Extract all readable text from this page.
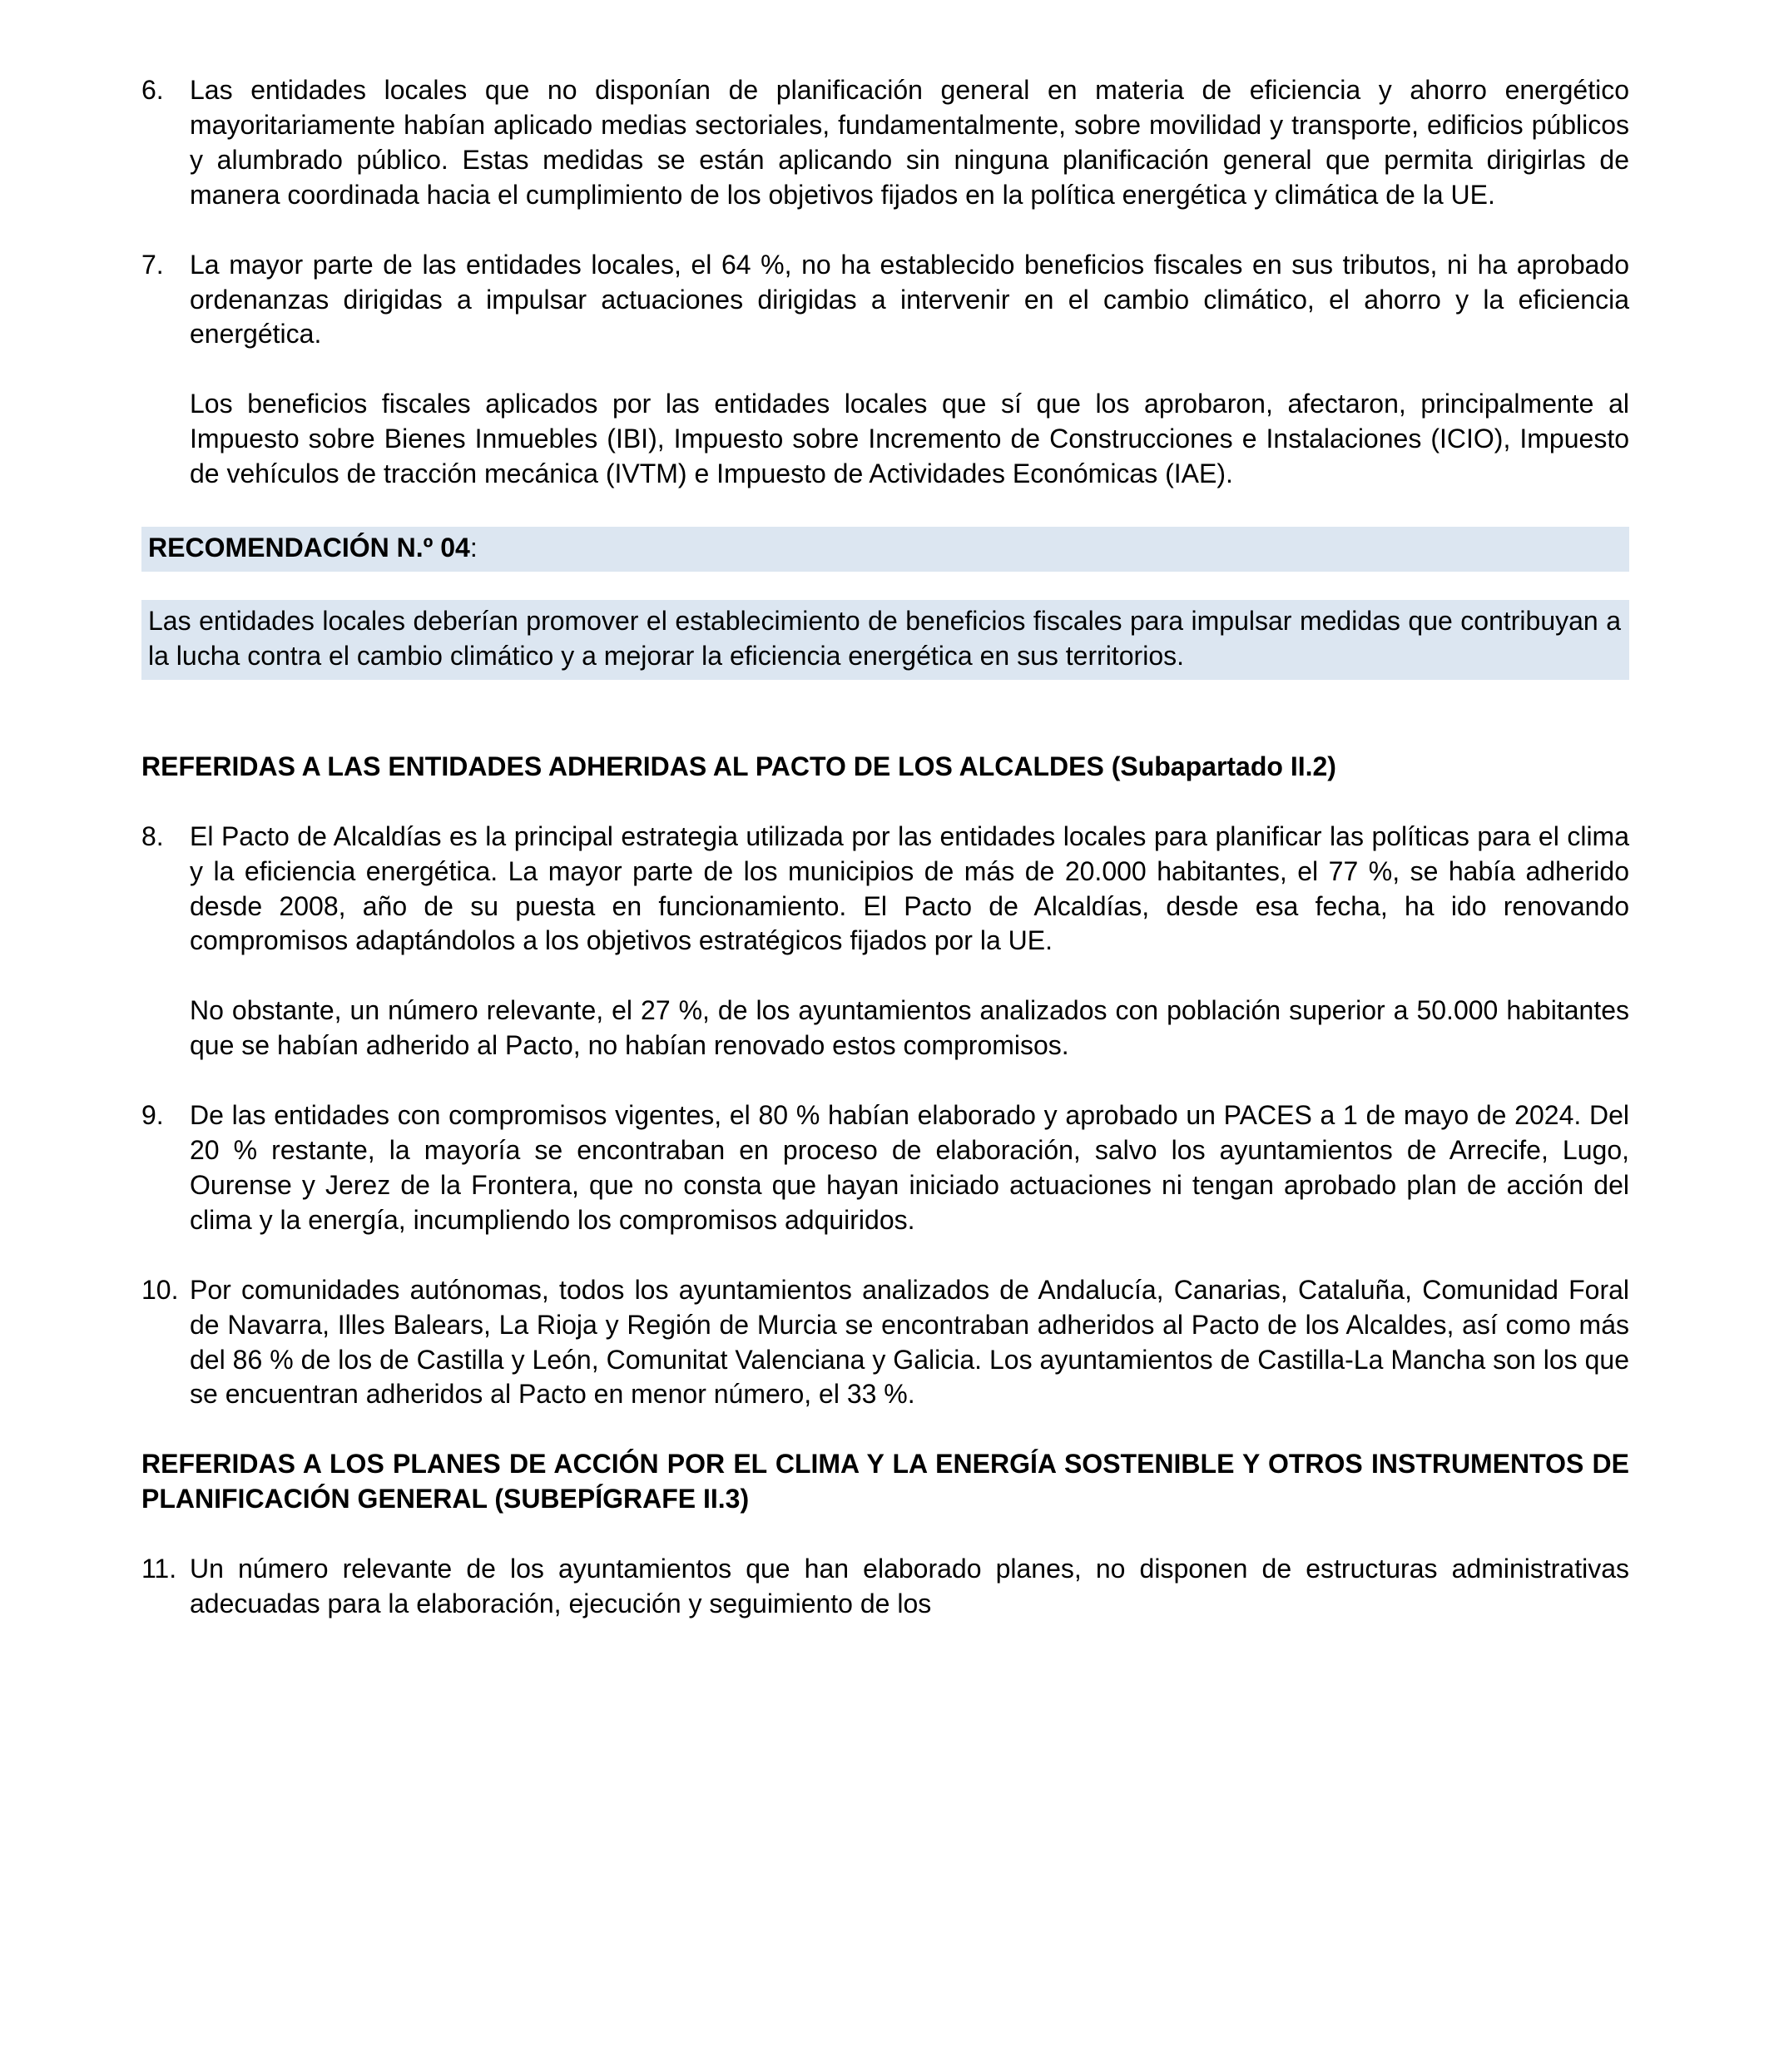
6. Las entidades locales que no disponían de planificación general en materia de eficiencia y ahorro energético mayoritariamente habían aplicado medias sectoriales, fundamentalmente, sobre movilidad y transporte, edificios públicos y alumbrado público. Estas medidas se están aplicando sin ninguna planificación general que permita dirigirlas de manera coordinada hacia el cumplimiento de los objetivos fijados en la política energética y climática de la UE.

7. La mayor parte de las entidades locales, el 64 %, no ha establecido beneficios fiscales en sus tributos, ni ha aprobado ordenanzas dirigidas a impulsar actuaciones dirigidas a intervenir en el cambio climático, el ahorro y la eficiencia energética.

Los beneficios fiscales aplicados por las entidades locales que sí que los aprobaron, afectaron, principalmente al Impuesto sobre Bienes Inmuebles (IBI), Impuesto sobre Incremento de Construcciones e Instalaciones (ICIO), Impuesto de vehículos de tracción mecánica (IVTM) e Impuesto de Actividades Económicas (IAE).

RECOMENDACIÓN N.º 04:
Las entidades locales deberían promover el establecimiento de beneficios fiscales para impulsar medidas que contribuyan a la lucha contra el cambio climático y a mejorar la eficiencia energética en sus territorios.
REFERIDAS A LAS ENTIDADES ADHERIDAS AL PACTO DE LOS ALCALDES (Subapartado II.2)
8. El Pacto de Alcaldías es la principal estrategia utilizada por las entidades locales para planificar las políticas para el clima y la eficiencia energética. La mayor parte de los municipios de más de 20.000 habitantes, el 77 %, se había adherido desde 2008, año de su puesta en funcionamiento. El Pacto de Alcaldías, desde esa fecha, ha ido renovando compromisos adaptándolos a los objetivos estratégicos fijados por la UE.

No obstante, un número relevante, el 27 %, de los ayuntamientos analizados con población superior a 50.000 habitantes que se habían adherido al Pacto, no habían renovado estos compromisos.

9. De las entidades con compromisos vigentes, el 80 % habían elaborado y aprobado un PACES a 1 de mayo de 2024. Del 20 % restante, la mayoría se encontraban en proceso de elaboración, salvo los ayuntamientos de Arrecife, Lugo, Ourense y Jerez de la Frontera, que no consta que hayan iniciado actuaciones ni tengan aprobado plan de acción del clima y la energía, incumpliendo los compromisos adquiridos.

10. Por comunidades autónomas, todos los ayuntamientos analizados de Andalucía, Canarias, Cataluña, Comunidad Foral de Navarra, Illes Balears, La Rioja y Región de Murcia se encontraban adheridos al Pacto de los Alcaldes, así como más del 86 % de los de Castilla y León, Comunitat Valenciana y Galicia. Los ayuntamientos de Castilla-La Mancha son los que se encuentran adheridos al Pacto en menor número, el 33 %.

REFERIDAS A LOS PLANES DE ACCIÓN POR EL CLIMA Y LA ENERGÍA SOSTENIBLE Y OTROS INSTRUMENTOS DE PLANIFICACIÓN GENERAL (SUBEPÍGRAFE II.3)
11. Un número relevante de los ayuntamientos que han elaborado planes, no disponen de estructuras administrativas adecuadas para la elaboración, ejecución y seguimiento de los
